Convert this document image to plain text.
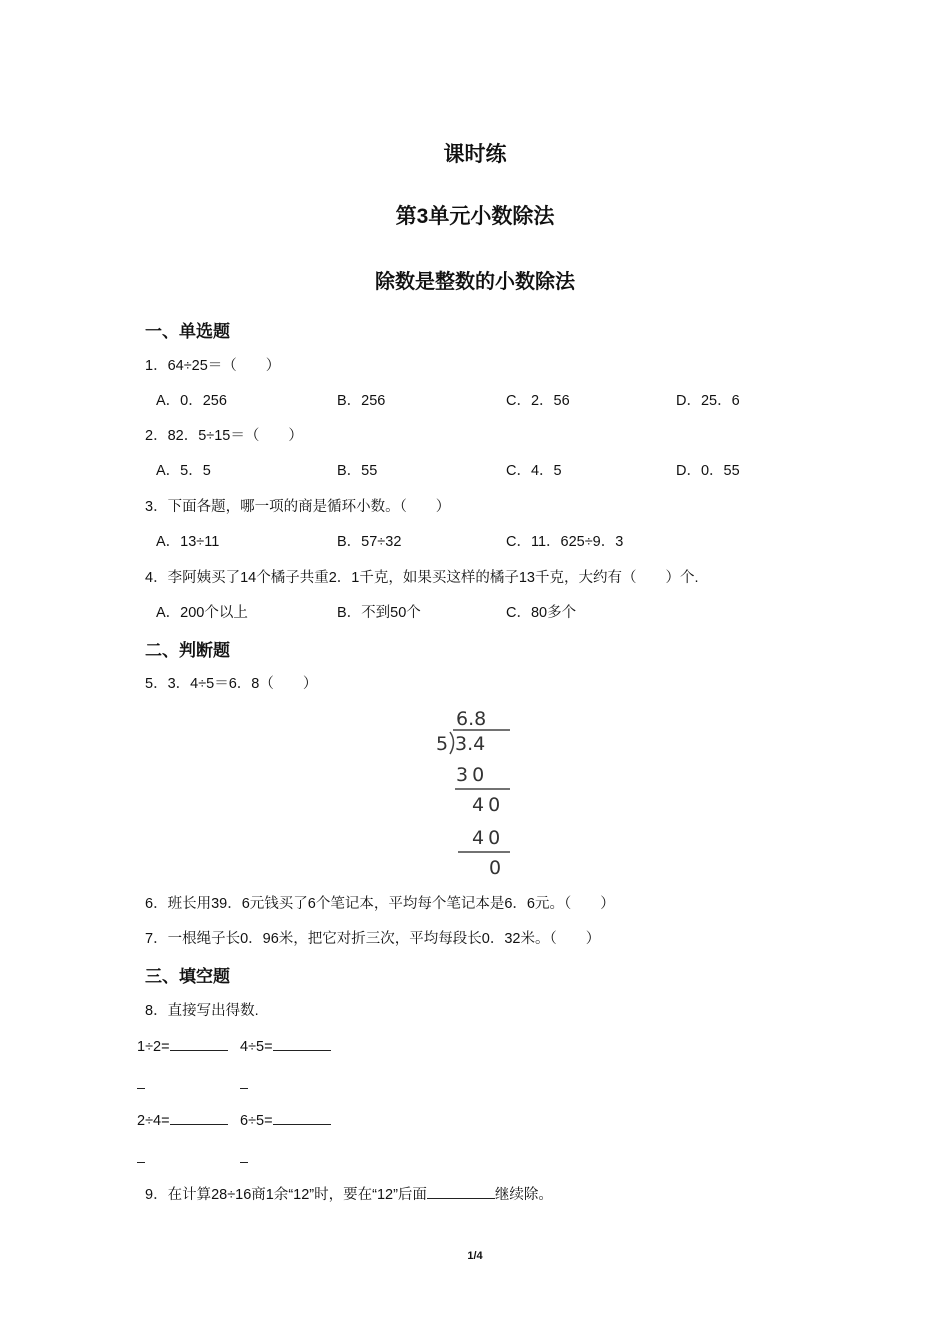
课时练
第3单元小数除法
除数是整数的小数除法
一、单选题
1．64÷25＝（　　）
A．0．256	B．256	C．2．56	D．25．6
2．82．5÷15＝（　　）
A．5．5	B．55	C．4．5	D．0．55
3．下面各题，哪一项的商是循环小数。（　　）
A．13÷11	B．57÷32	C．11．625÷9．3
4．李阿姨买了14个橘子共重2．1千克，如果买这样的橘子13千克，大约有（　　）个.
A．200个以上	B．不到50个	C．80多个
二、判断题
5．3．4÷5＝6．8（　　）
6.8
5 3.4
30
40
40
0
6．班长用39．6元钱买了6个笔记本，平均每个笔记本是6．6元。（　　）
7．一根绳子长0．96米，把它对折三次，平均每段长0．32米。（　　）
三、填空题
8．直接写出得数.
1÷2=	4÷5=
2÷4=	6÷5=
9．在计算28÷16商1余“12”时，要在“12”后面	继续除。
1/4
